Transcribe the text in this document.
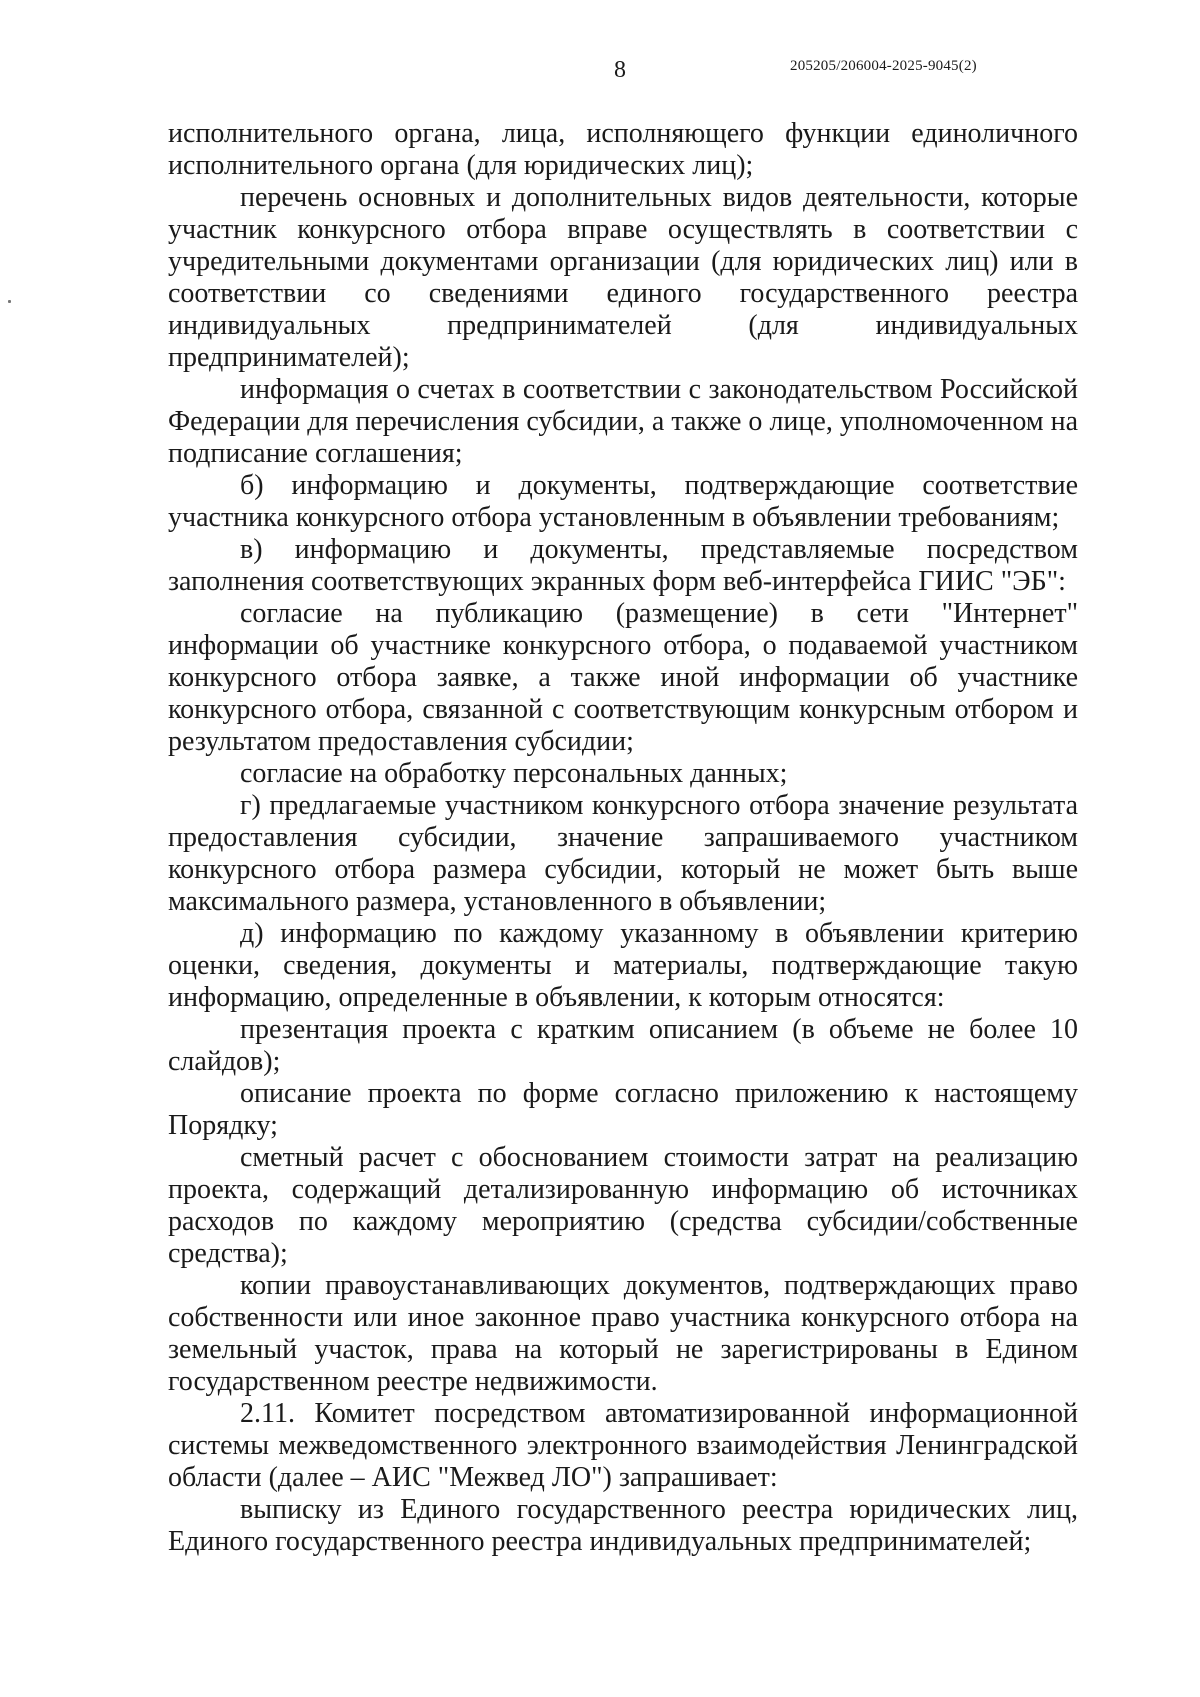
8	205205/206004-2025-9045(2)

исполнительного органа, лица, исполняющего функции единоличного исполнительного органа (для юридических лиц);

перечень основных и дополнительных видов деятельности, которые участник конкурсного отбора вправе осуществлять в соответствии с учредительными документами организации (для юридических лиц) или в соответствии со сведениями единого государственного реестра индивидуальных предпринимателей (для индивидуальных предпринимателей);

информация о счетах в соответствии с законодательством Российской Федерации для перечисления субсидии, а также о лице, уполномоченном на подписание соглашения;

б) информацию и документы, подтверждающие соответствие участника конкурсного отбора установленным в объявлении требованиям;

в) информацию и документы, представляемые посредством заполнения соответствующих экранных форм веб-интерфейса ГИИС "ЭБ":

согласие на публикацию (размещение) в сети "Интернет" информации об участнике конкурсного отбора, о подаваемой участником конкурсного отбора заявке, а также иной информации об участнике конкурсного отбора, связанной с соответствующим конкурсным отбором и результатом предоставления субсидии;

согласие на обработку персональных данных;

г) предлагаемые участником конкурсного отбора значение результата предоставления субсидии, значение запрашиваемого участником конкурсного отбора размера субсидии, который не может быть выше максимального размера, установленного в объявлении;

д) информацию по каждому указанному в объявлении критерию оценки, сведения, документы и материалы, подтверждающие такую информацию, определенные в объявлении, к которым относятся:

презентация проекта с кратким описанием (в объеме не более 10 слайдов);

описание проекта по форме согласно приложению к настоящему Порядку;

сметный расчет с обоснованием стоимости затрат на реализацию проекта, содержащий детализированную информацию об источниках расходов по каждому мероприятию (средства субсидии/собственные средства);

копии правоустанавливающих документов, подтверждающих право собственности или иное законное право участника конкурсного отбора на земельный участок, права на который не зарегистрированы в Едином государственном реестре недвижимости.

2.11. Комитет посредством автоматизированной информационной системы межведомственного электронного взаимодействия Ленинградской области (далее – АИС "Межвед ЛО") запрашивает:

выписку из Единого государственного реестра юридических лиц, Единого государственного реестра индивидуальных предпринимателей;
